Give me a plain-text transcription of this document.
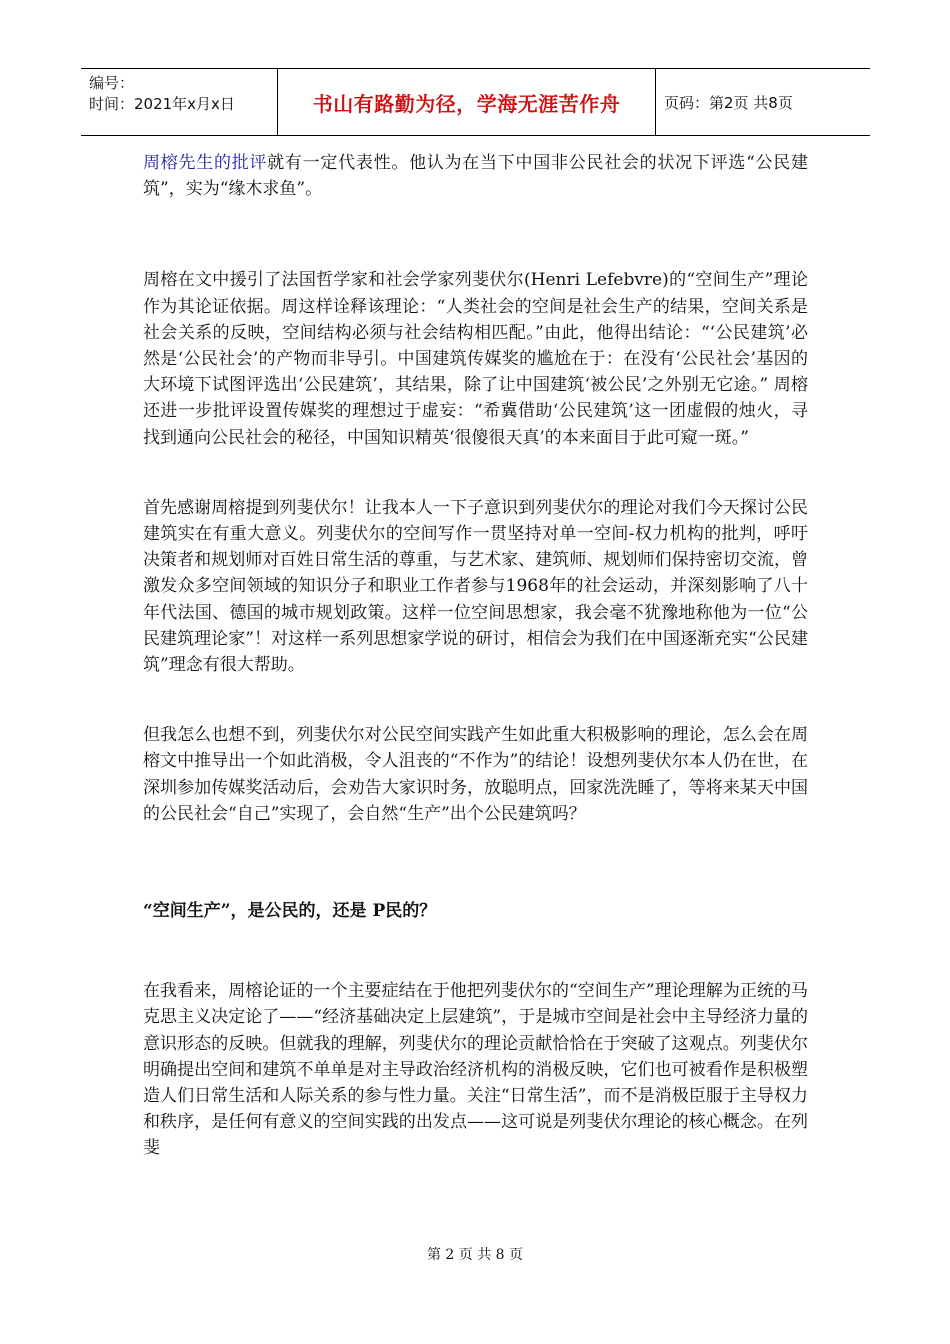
编号：
时间：2021年x月x日	书山有路勤为径，学海无涯苦作舟	页码：第2页 共8页

周榕先生的批评就有一定代表性。他认为在当下中国非公民社会的状况下评选“公民建筑”，实为“缘木求鱼”。

周榕在文中援引了法国哲学家和社会学家列斐伏尔(Henri Lefebvre)的“空间生产”理论作为其论证依据。周这样诠释该理论：“人类社会的空间是社会生产的结果，空间关系是社会关系的反映，空间结构必须与社会结构相匹配。”由此，他得出结论：“‘公民建筑’必然是‘公民社会’的产物而非导引。中国建筑传媒奖的尴尬在于：在没有‘公民社会’基因的大环境下试图评选出‘公民建筑’，其结果，除了让中国建筑‘被公民’之外别无它途。” 周榕还进一步批评设置传媒奖的理想过于虚妄：“希冀借助‘公民建筑’这一团虚假的烛火，寻找到通向公民社会的秘径，中国知识精英‘很傻很天真’的本来面目于此可窥一斑。”

首先感谢周榕提到列斐伏尔！让我本人一下子意识到列斐伏尔的理论对我们今天探讨公民建筑实在有重大意义。列斐伏尔的空间写作一贯坚持对单一空间-权力机构的批判，呼吁决策者和规划师对百姓日常生活的尊重，与艺术家、建筑师、规划师们保持密切交流，曾激发众多空间领域的知识分子和职业工作者参与1968年的社会运动，并深刻影响了八十年代法国、德国的城市规划政策。这样一位空间思想家，我会毫不犹豫地称他为一位“公民建筑理论家”！对这样一系列思想家学说的研讨，相信会为我们在中国逐渐充实“公民建筑”理念有很大帮助。

但我怎么也想不到，列斐伏尔对公民空间实践产生如此重大积极影响的理论，怎么会在周榕文中推导出一个如此消极，令人沮丧的“不作为”的结论！设想列斐伏尔本人仍在世，在深圳参加传媒奖活动后，会劝告大家识时务，放聪明点，回家洗洗睡了，等将来某天中国的公民社会“自己”实现了，会自然“生产”出个公民建筑吗？

“空间生产”，是公民的，还是 P民的？

在我看来，周榕论证的一个主要症结在于他把列斐伏尔的“空间生产”理论理解为正统的马克思主义决定论了——“经济基础决定上层建筑”，于是城市空间是社会中主导经济力量的意识形态的反映。但就我的理解，列斐伏尔的理论贡献恰恰在于突破了这观点。列斐伏尔明确提出空间和建筑不单单是对主导政治经济机构的消极反映，它们也可被看作是积极塑造人们日常生活和人际关系的参与性力量。关注“日常生活”，而不是消极臣服于主导权力和秩序，是任何有意义的空间实践的出发点——这可说是列斐伏尔理论的核心概念。在列斐

第 2 页 共 8 页
